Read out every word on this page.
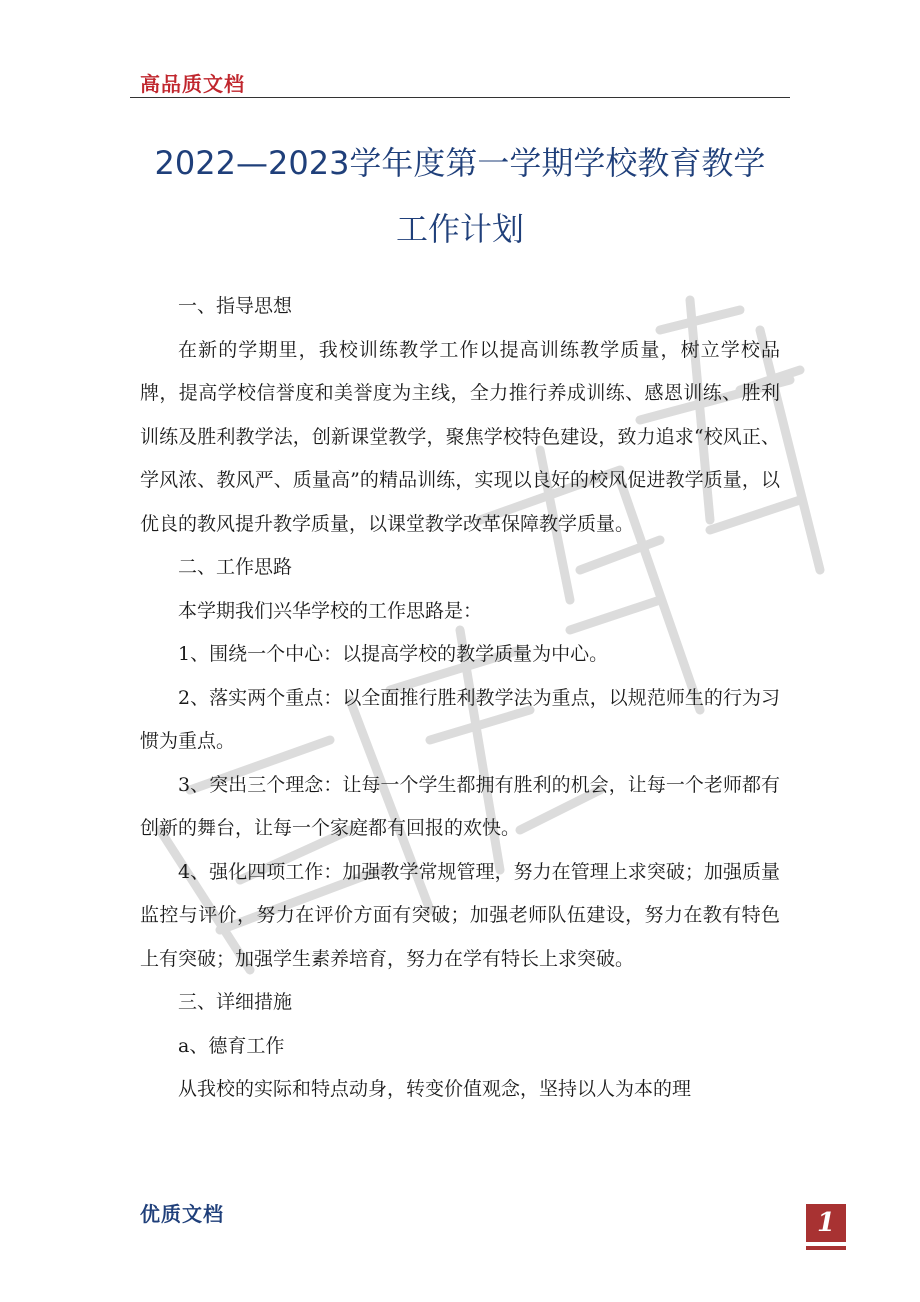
高品质文档
2022—2023学年度第一学期学校教育教学
工作计划

一、指导思想

在新的学期里，我校训练教学工作以提高训练教学质量，树立学校品牌，提高学校信誉度和美誉度为主线，全力推行养成训练、感恩训练、胜利训练及胜利教学法，创新课堂教学，聚焦学校特色建设，致力追求“校风正、学风浓、教风严、质量高”的精品训练，实现以良好的校风促进教学质量，以优良的教风提升教学质量，以课堂教学改革保障教学质量。

二、工作思路

本学期我们兴华学校的工作思路是：

1、围绕一个中心：以提高学校的教学质量为中心。

2、落实两个重点：以全面推行胜利教学法为重点，以规范师生的行为习惯为重点。

3、突出三个理念：让每一个学生都拥有胜利的机会，让每一个老师都有创新的舞台，让每一个家庭都有回报的欢快。

4、强化四项工作：加强教学常规管理，努力在管理上求突破；加强质量监控与评价，努力在评价方面有突破；加强老师队伍建设，努力在教有特色上有突破；加强学生素养培育，努力在学有特长上求突破。

三、详细措施

a、德育工作

从我校的实际和特点动身，转变价值观念，坚持以人为本的理

优质文档	1
